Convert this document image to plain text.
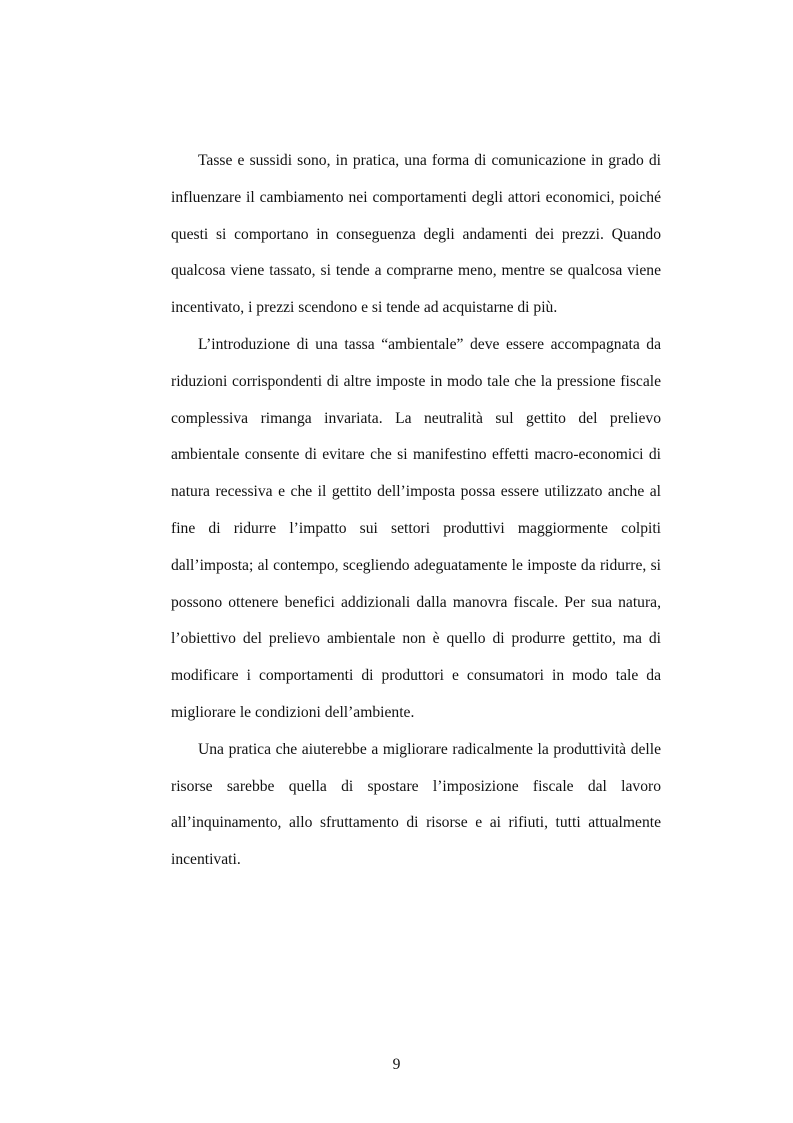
Tasse e sussidi sono, in pratica, una forma di comunicazione in grado di influenzare il cambiamento nei comportamenti degli attori economici, poiché questi si comportano in conseguenza degli andamenti dei prezzi. Quando qualcosa viene tassato, si tende a comprarne meno, mentre se qualcosa viene incentivato, i prezzi scendono e si tende ad acquistarne di più.

L’introduzione di una tassa “ambientale” deve essere accompagnata da riduzioni corrispondenti di altre imposte in modo tale che la pressione fiscale complessiva rimanga invariata. La neutralità sul gettito del prelievo ambientale consente di evitare che si manifestino effetti macro-economici di natura recessiva e che il gettito dell’imposta possa essere utilizzato anche al fine di ridurre l’impatto sui settori produttivi maggiormente colpiti dall’imposta; al contempo, scegliendo adeguatamente le imposte da ridurre, si possono ottenere benefici addizionali dalla manovra fiscale. Per sua natura, l’obiettivo del prelievo ambientale non è quello di produrre gettito, ma di modificare i comportamenti di produttori e consumatori in modo tale da migliorare le condizioni dell’ambiente.

Una pratica che aiuterebbe a migliorare radicalmente la produttività delle risorse sarebbe quella di spostare l’imposizione fiscale dal lavoro all’inquinamento, allo sfruttamento di risorse e ai rifiuti, tutti attualmente incentivati.

9
